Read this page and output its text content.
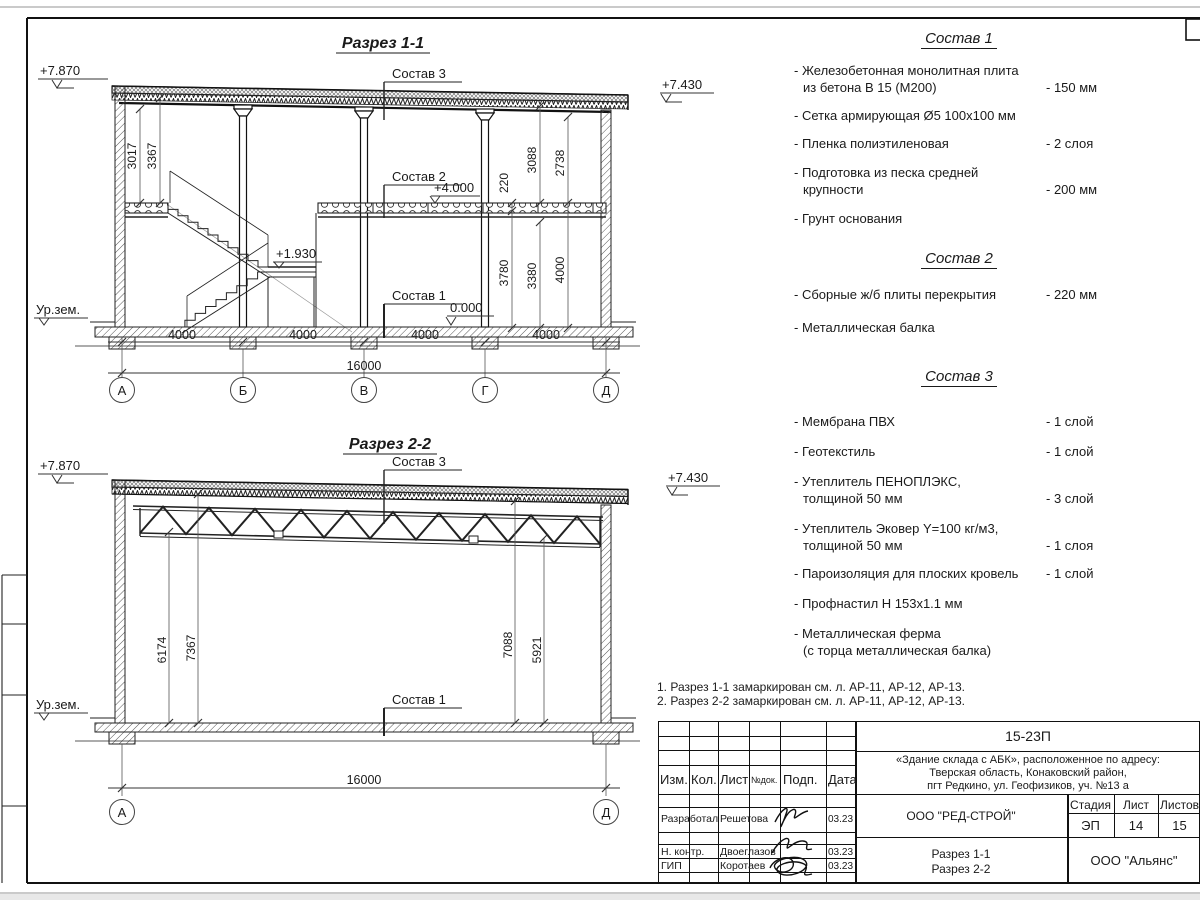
Разрез 1-1
+7.870
+7.430
+4.000
+1.930
0.000
Ур.зем.
Состав 3
Состав 2
Состав 1
3017 3367
220
3088 2738
3780 3380 4000
4000	4000	4000	4000
16000
А	Б	В	Г	Д
Разрез 2-2
+7.870
+7.430
Ур.зем.
Состав 3
Состав 1
6174 7367	7088 5921
16000
А	Д
Состав 1
- Железобетонная монолитная плита
из бетона В 15 (М200)	- 150 мм
- Сетка армирующая Ø5 100x100 мм
- Пленка полиэтиленовая	- 2 слоя
- Подготовка из песка средней
крупности	- 200 мм
- Грунт основания
Состав 2
- Сборные ж/б плиты перекрытия	- 220 мм
- Металлическая балка
Состав 3
- Мембрана ПВХ	- 1 слой
- Геотекстиль	- 1 слой
- Утеплитель ПЕНОПЛЭКС,
толщиной 50 мм	- 3 слой
- Утеплитель Эковер Y=100 кг/м3,
толщиной 50 мм	- 1 слоя
- Пароизоляция для плоских кровель	- 1 слой
- Профнастил Н 153x1.1 мм
- Металлическая ферма
(с торца металлическая балка)
1. Разрез 1-1 замаркирован см. л. АР-11, АР-12, АР-13.
2. Разрез 2-2 замаркирован см. л. АР-11, АР-12, АР-13.
Изм. Кол. Лист №док. Подп. Дата
Разработал Решетова	03.23
Н. контр. Двоеглазов	03.23
ГИП	Коротаев	03.23
15-23П
«Здание склада с АБК», расположенное по адресу:
Тверская область, Конаковский район,
пгт Редкино, ул. Геофизиков, уч. №13 а
ООО "РЕД-СТРОЙ"
Стадия	Лист Листов
ЭП	14	15
Разрез 1-1
Разрез 2-2
ООО "Альянс"
